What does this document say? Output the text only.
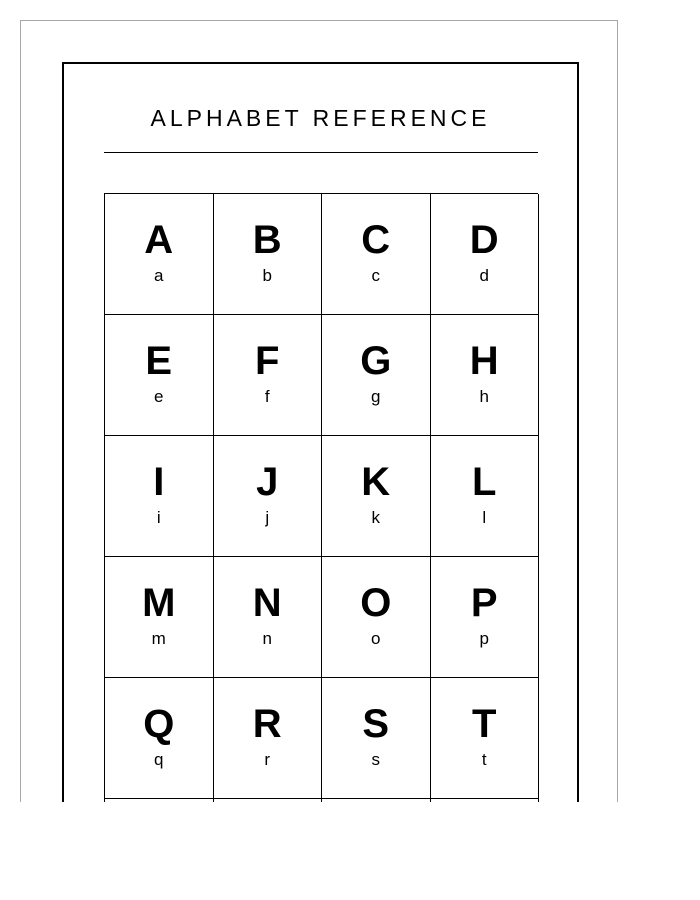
ALPHABET REFERENCE
A
a
B
b
C
c
D
d
E
e
F
f
G
g
H
h
I
i
J
j
K
k
L
l
M
m
N
n
O
o
P
p
Q
q
R
r
S
s
T
t
